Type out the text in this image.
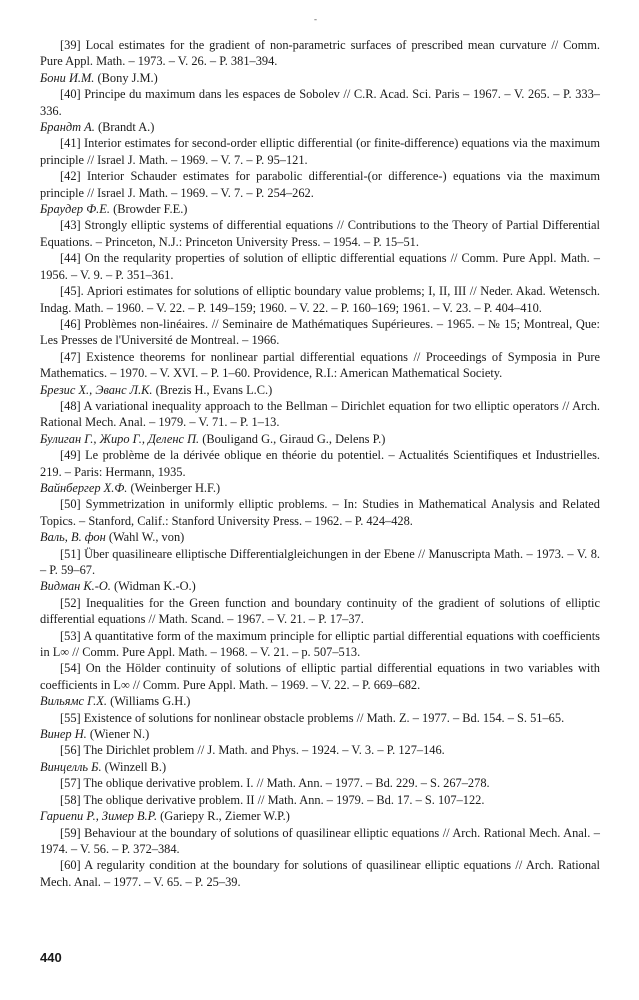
-

[39] Local estimates for the gradient of non-parametric surfaces of prescribed mean curvature // Comm. Pure Appl. Math. – 1973. – V. 26. – P. 381–394.

Бони И.М. (Bony J.M.)

[40] Principe du maximum dans les espaces de Sobolev // C.R. Acad. Sci. Paris – 1967. – V. 265. – P. 333–336.

Брандт А. (Brandt A.)

[41] Interior estimates for second-order elliptic differential (or finite-difference) equations via the maximum principle // Israel J. Math. – 1969. – V. 7. – P. 95–121.

[42] Interior Schauder estimates for parabolic differential-(or difference-) equations via the maximum principle // Israel J. Math. – 1969. – V. 7. – P. 254–262.

Браудер Ф.Е. (Browder F.E.)

[43] Strongly elliptic systems of differential equations // Contributions to the Theory of Partial Differential Equations. – Princeton, N.J.: Princeton University Press. – 1954. – P. 15–51.

[44] On the reqularity properties of solution of elliptic differential equations // Comm. Pure Appl. Math. – 1956. – V. 9. – P. 351–361.

[45]. Apriori estimates for solutions of elliptic boundary value problems; I, II, III // Neder. Akad. Wetensch. Indag. Math. – 1960. – V. 22. – P. 149–159; 1960. – V. 22. – P. 160–169; 1961. – V. 23. – P. 404–410.

[46] Problèmes non-linéaires. // Seminaire de Mathématiques Supérieures. – 1965. – № 15; Montreal, Que: Les Presses de l'Université de Montreal. – 1966.

[47] Existence theorems for nonlinear partial differential equations // Proceedings of Symposia in Pure Mathematics. – 1970. – V. XVI. – P. 1–60. Providence, R.I.: American Mathematical Society.

Брезис Х., Эванс Л.К. (Brezis H., Evans L.C.)

[48] A variational inequality approach to the Bellman – Dirichlet equation for two elliptic operators // Arch. Rational Mech. Anal. – 1979. – V. 71. – P. 1–13.

Булиган Г., Жиро Г., Деленс П. (Bouligand G., Giraud G., Delens P.)

[49] Le problème de la dérivée oblique en théorie du potentiel. – Actualités Scientifiques et Industrielles. 219. – Paris: Hermann, 1935.

Вайнбергер Х.Ф. (Weinberger H.F.)

[50] Symmetrization in uniformly elliptic problems. – In: Studies in Mathematical Analysis and Related Topics. – Stanford, Calif.: Stanford University Press. – 1962. – P. 424–428.

Валь, В. фон (Wahl W., von)

[51] Über quasilineare elliptische Differentialgleichungen in der Ebene // Manuscripta Math. – 1973. – V. 8. – P. 59–67.

Видман К.-О. (Widman K.-O.)

[52] Inequalities for the Green function and boundary continuity of the gradient of solutions of elliptic differential equations // Math. Scand. – 1967. – V. 21. – P. 17–37.

[53] A quantitative form of the maximum principle for elliptic partial differential equations with coefficients in L∞ // Comm. Pure Appl. Math. – 1968. – V. 21. – p. 507–513.

[54] On the Hölder continuity of solutions of elliptic partial differential equations in two variables with coefficients in L∞ // Comm. Pure Appl. Math. – 1969. – V. 22. – P. 669–682.

Вильямс Г.Х. (Williams G.H.)

[55] Existence of solutions for nonlinear obstacle problems // Math. Z. – 1977. – Bd. 154. – S. 51–65.

Винер Н. (Wiener N.)

[56] The Dirichlet problem // J. Math. and Phys. – 1924. – V. 3. – P. 127–146.

Винцелль Б. (Winzell B.)

[57] The oblique derivative problem. I. // Math. Ann. – 1977. – Bd. 229. – S. 267–278.

[58] The oblique derivative problem. II // Math. Ann. – 1979. – Bd. 17. – S. 107–122.

Гариепи Р., Зимер В.Р. (Gariepy R., Ziemer W.P.)

[59] Behaviour at the boundary of solutions of quasilinear elliptic equations // Arch. Rational Mech. Anal. – 1974. – V. 56. – P. 372–384.

[60] A regularity condition at the boundary for solutions of quasilinear elliptic equations // Arch. Rational Mech. Anal. – 1977. – V. 65. – P. 25–39.

440
